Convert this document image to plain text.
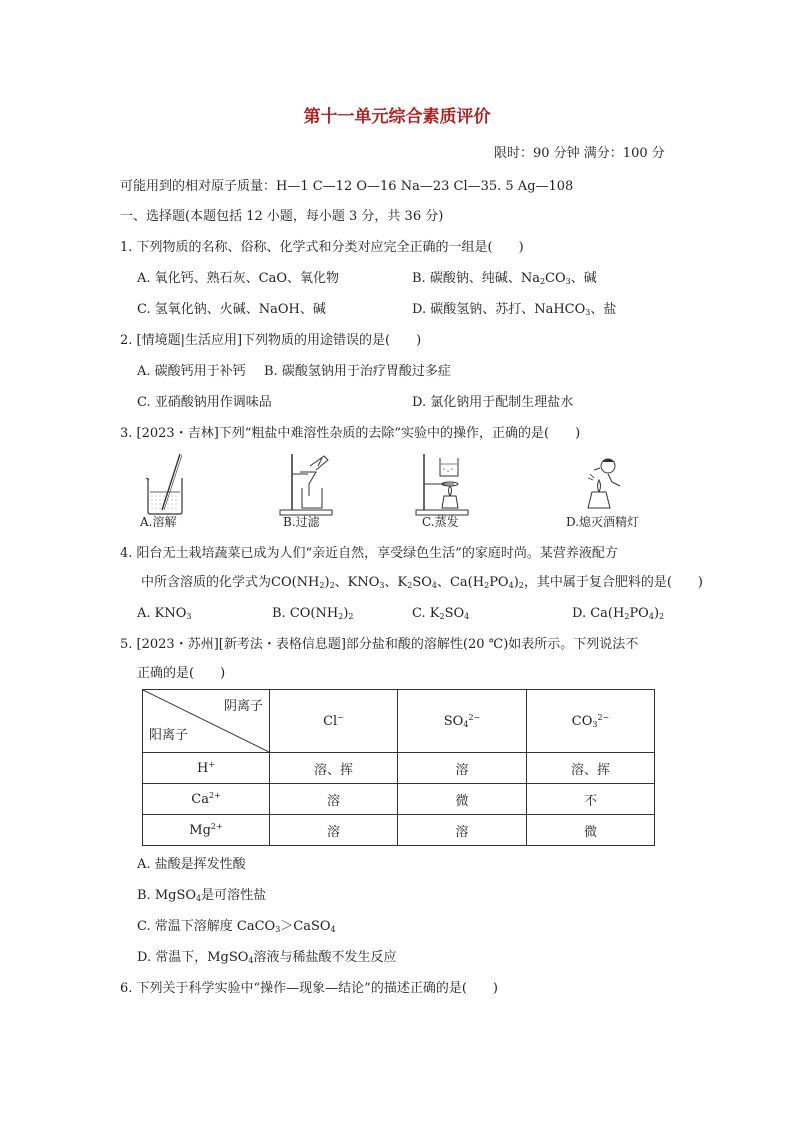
第十一单元综合素质评价
限时：90 分钟 满分：100 分
可能用到的相对原子质量：H—1 C—12 O—16 Na—23 Cl—35. 5 Ag—108
一、选择题(本题包括 12 小题，每小题 3 分，共 36 分)
1. 下列物质的名称、俗称、化学式和分类对应完全正确的一组是(　　)
A. 氧化钙、熟石灰、CaO、氧化物	B. 碳酸钠、纯碱、$Na_2CO_3$、碱
C. 氢氧化钠、火碱、NaOH、碱	D. 碳酸氢钠、苏打、NaHCO$_3$、盐
2. [情境题|生活应用]下列物质的用途错误的是(　　)
A. 碳酸钙用于补钙 B. 碳酸氢钠用于治疗胃酸过多症
C. 亚硝酸钠用作调味品	D. 氯化钠用于配制生理盐水
3. [2023・吉林]下列“粗盐中难溶性杂质的去除”实验中的操作，正确的是(　　)
A.溶解	B.过滤	C.蒸发	D.熄灭酒精灯
4. 阳台无土栽培蔬菜已成为人们“亲近自然，享受绿色生活”的家庭时尚。某营养液配方
中所含溶质的化学式为$CO(NH_2)_2$、$KNO_3$、$K_2SO_4$、$Ca(H_2PO_4)_2$，其中属于复合肥料的是(　　)
A. $KNO_3$	B. $CO(NH_2)_2$	C. $K_2SO_4$	D. $Ca(H_2PO_4)_2$
5. [2023・苏州][新考法・表格信息题]部分盐和酸的溶解性(20 ℃)如表所示。下列说法不
正确的是(　　)
阴离子
阳离子	Cl−	$SO_4^{2-}$	$CO_3^{2-}$
H+	溶、挥	溶	溶、挥
$Ca^{2+}$	溶	微	不
$Mg^{2+}$	溶	溶	微
A. 盐酸是挥发性酸
B. MgSO$_4$是可溶性盐
C. 常温下溶解度 CaCO$_3$＞CaSO$_4$
D. 常温下，MgSO$_4$溶液与稀盐酸不发生反应
6. 下列关于科学实验中“操作—现象—结论”的描述正确的是(　　)
